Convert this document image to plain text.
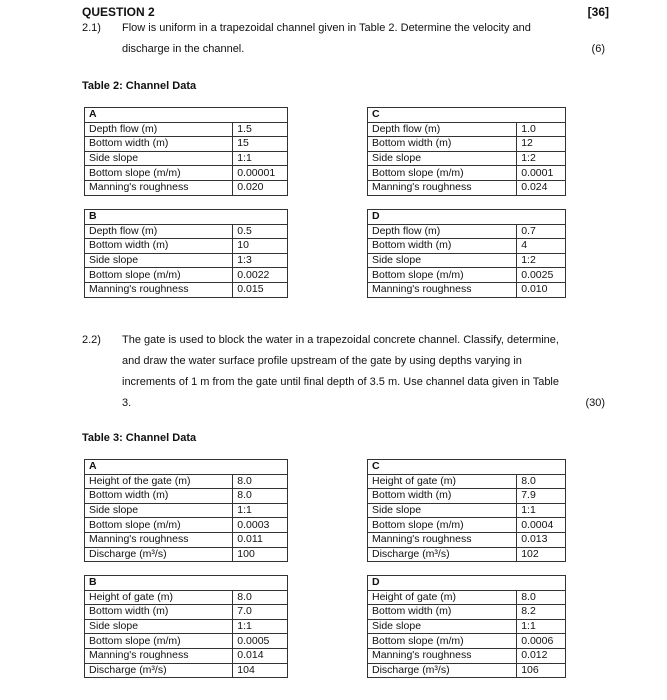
QUESTION 2	[36]
2.1) Flow is uniform in a trapezoidal channel given in Table 2. Determine the velocity and discharge in the channel.	(6)
Table 2: Channel Data
A	
Depth flow (m)	1.5
Bottom width (m)	15
Side slope	1:1
Bottom slope (m/m)	0.00001
Manning's roughness	0.020
C	
Depth flow (m)	1.0
Bottom width (m)	12
Side slope	1:2
Bottom slope (m/m)	0.0001
Manning's roughness	0.024
B	
Depth flow (m)	0.5
Bottom width (m)	10
Side slope	1:3
Bottom slope (m/m)	0.0022
Manning's roughness	0.015
D	
Depth flow (m)	0.7
Bottom width (m)	4
Side slope	1:2
Bottom slope (m/m)	0.0025
Manning's roughness	0.010
2.2) The gate is used to block the water in a trapezoidal concrete channel. Classify, determine, and draw the water surface profile upstream of the gate by using depths varying in increments of 1 m from the gate until final depth of 3.5 m. Use channel data given in Table 3.	(30)
Table 3: Channel Data
A	
Height of the gate (m)	8.0
Bottom width (m)	8.0
Side slope	1:1
Bottom slope (m/m)	0.0003
Manning's roughness	0.011
Discharge (m³/s)	100
C	
Height of gate (m)	8.0
Bottom width (m)	7.9
Side slope	1:1
Bottom slope (m/m)	0.0004
Manning's roughness	0.013
Discharge (m³/s)	102
B	
Height of gate (m)	8.0
Bottom width (m)	7.0
Side slope	1:1
Bottom slope (m/m)	0.0005
Manning's roughness	0.014
Discharge (m³/s)	104
D	
Height of gate (m)	8.0
Bottom width (m)	8.2
Side slope	1:1
Bottom slope (m/m)	0.0006
Manning's roughness	0.012
Discharge (m³/s)	106
